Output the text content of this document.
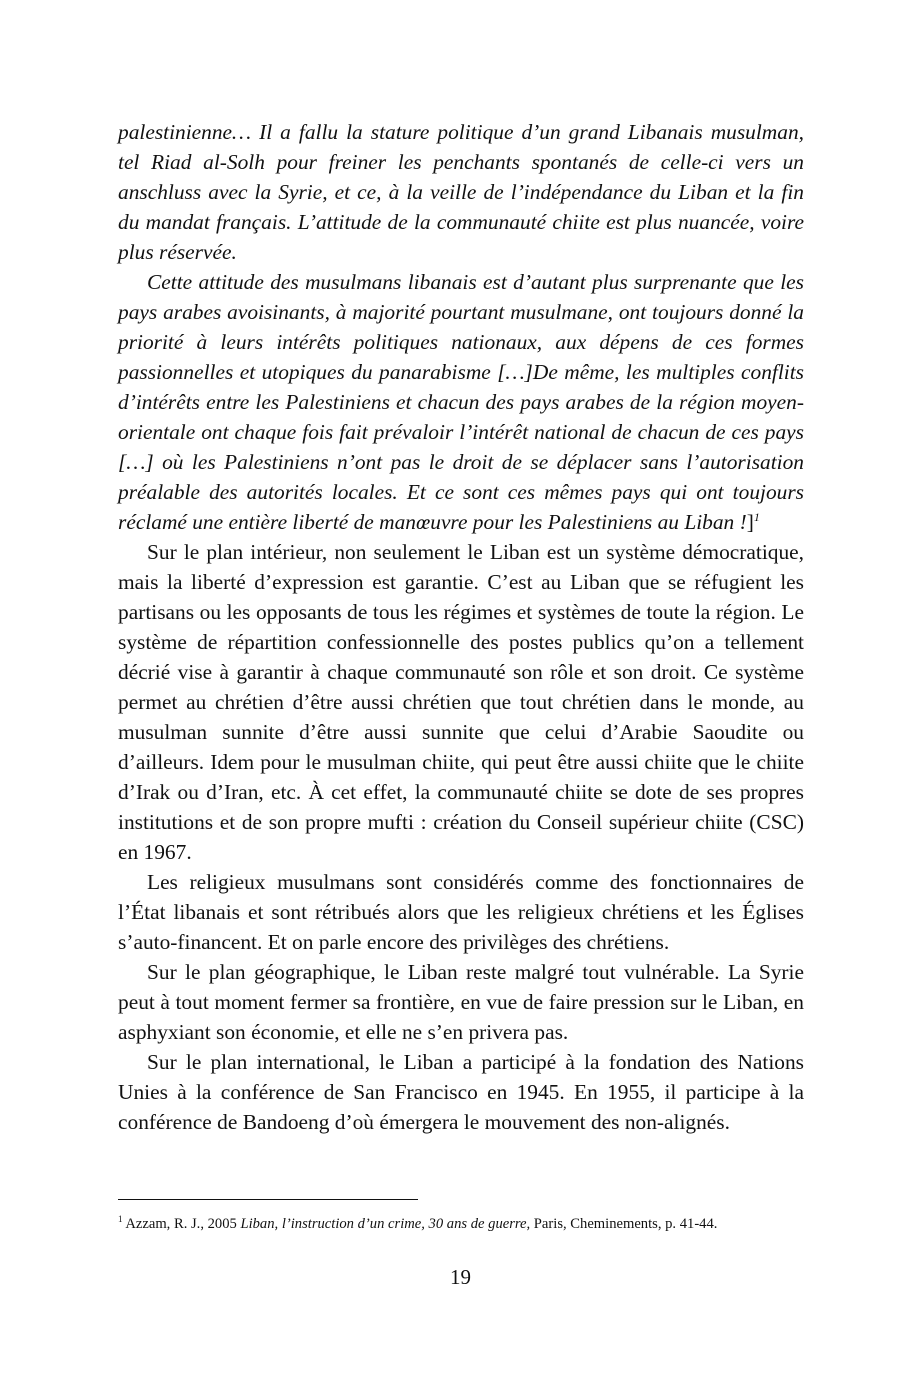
palestinienne… Il a fallu la stature politique d’un grand Libanais musulman, tel Riad al-Solh pour freiner les penchants spontanés de celle-ci vers un anschluss avec la Syrie, et ce, à la veille de l’indépendance du Liban et la fin du mandat français. L’attitude de la communauté chiite est plus nuancée, voire plus réservée.

Cette attitude des musulmans libanais est d’autant plus surprenante que les pays arabes avoisinants, à majorité pourtant musulmane, ont toujours donné la priorité à leurs intérêts politiques nationaux, aux dépens de ces formes passionnelles et utopiques du panarabisme […]De même, les multiples conflits d’intérêts entre les Palestiniens et chacun des pays arabes de la région moyen-orientale ont chaque fois fait prévaloir l’intérêt national de chacun de ces pays […] où les Palestiniens n’ont pas le droit de se déplacer sans l’autorisation préalable des autorités locales. Et ce sont ces mêmes pays qui ont toujours réclamé une entière liberté de manœuvre pour les Palestiniens au Liban !]$^1$

Sur le plan intérieur, non seulement le Liban est un système démocratique, mais la liberté d’expression est garantie. C’est au Liban que se réfugient les partisans ou les opposants de tous les régimes et systèmes de toute la région. Le système de répartition confessionnelle des postes publics qu’on a tellement décrié vise à garantir à chaque communauté son rôle et son droit. Ce système permet au chrétien d’être aussi chrétien que tout chrétien dans le monde, au musulman sunnite d’être aussi sunnite que celui d’Arabie Saoudite ou d’ailleurs. Idem pour le musulman chiite, qui peut être aussi chiite que le chiite d’Irak ou d’Iran, etc. À cet effet, la communauté chiite se dote de ses propres institutions et de son propre mufti : création du Conseil supérieur chiite (CSC) en 1967.

Les religieux musulmans sont considérés comme des fonctionnaires de l’État libanais et sont rétribués alors que les religieux chrétiens et les Églises s’auto-financent. Et on parle encore des privilèges des chrétiens.

Sur le plan géographique, le Liban reste malgré tout vulnérable. La Syrie peut à tout moment fermer sa frontière, en vue de faire pression sur le Liban, en asphyxiant son économie, et elle ne s’en privera pas.

Sur le plan international, le Liban a participé à la fondation des Nations Unies à la conférence de San Francisco en 1945. En 1955, il participe à la conférence de Bandoeng d’où émergera le mouvement des non-alignés.

$^1$ Azzam, R. J., 2005 Liban, l’instruction d’un crime, 30 ans de guerre, Paris, Cheminements, p. 41-44.
19
